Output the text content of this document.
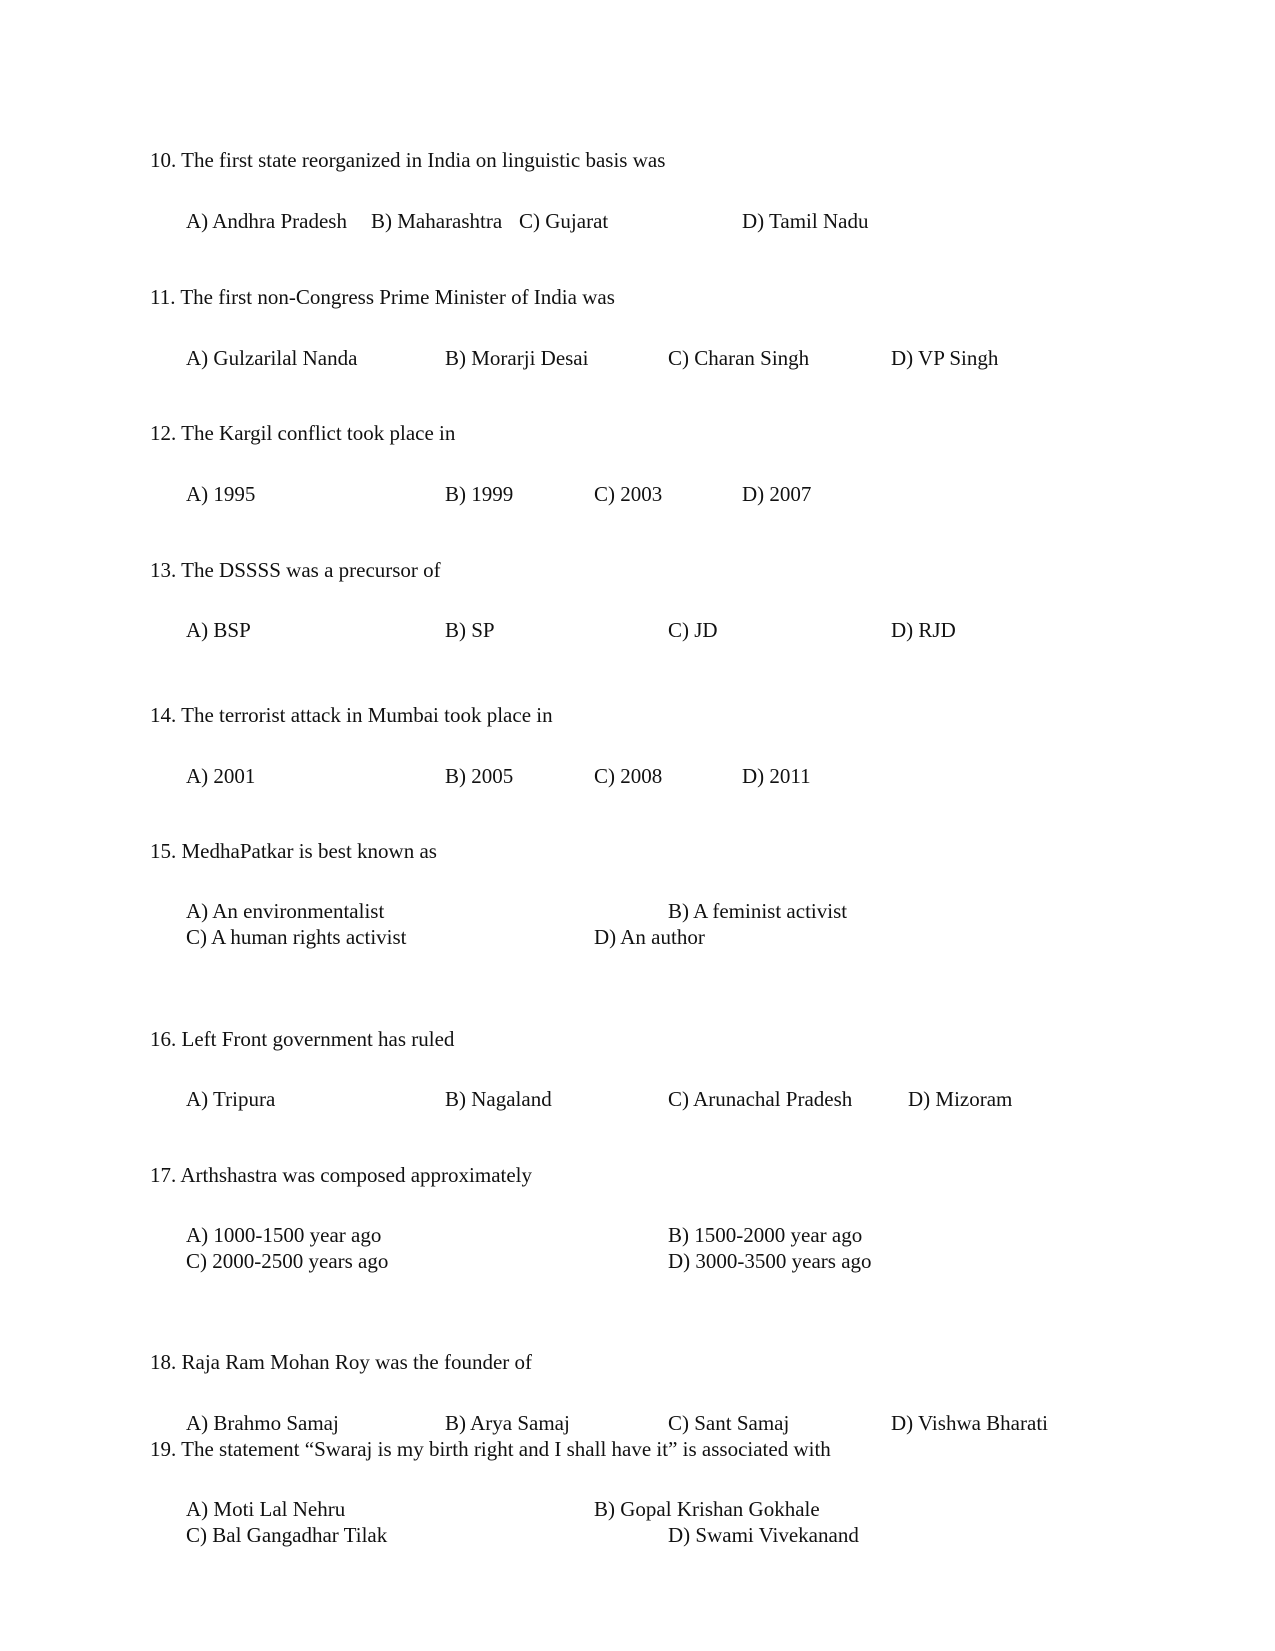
10. The first state reorganized in India on linguistic basis was
A) Andhra Pradesh B) Maharashtra C) Gujarat	D) Tamil Nadu
11. The first non-Congress Prime Minister of India was
A) Gulzarilal Nanda	B) Morarji Desai	C) Charan Singh	D) VP Singh
12. The Kargil conflict took place in
A) 1995	B) 1999	C) 2003	D) 2007
13. The DSSSS was a precursor of
A) BSP	B) SP	C) JD	D) RJD
14. The terrorist attack in Mumbai took place in
A) 2001	B) 2005	C) 2008	D) 2011
15. MedhaPatkar is best known as
A) An environmentalist	B) A feminist activist
C) A human rights activist	D) An author
16. Left Front government has ruled
A) Tripura	B) Nagaland	C) Arunachal Pradesh	D) Mizoram
17. Arthshastra was composed approximately
A) 1000-1500 year ago	B) 1500-2000 year ago
C) 2000-2500 years ago	D) 3000-3500 years ago
18. Raja Ram Mohan Roy was the founder of
A) Brahmo Samaj	B) Arya Samaj	C) Sant Samaj	D) Vishwa Bharati
19. The statement “Swaraj is my birth right and I shall have it” is associated with
A) Moti Lal Nehru	B) Gopal Krishan Gokhale
C) Bal Gangadhar Tilak	D) Swami Vivekanand
